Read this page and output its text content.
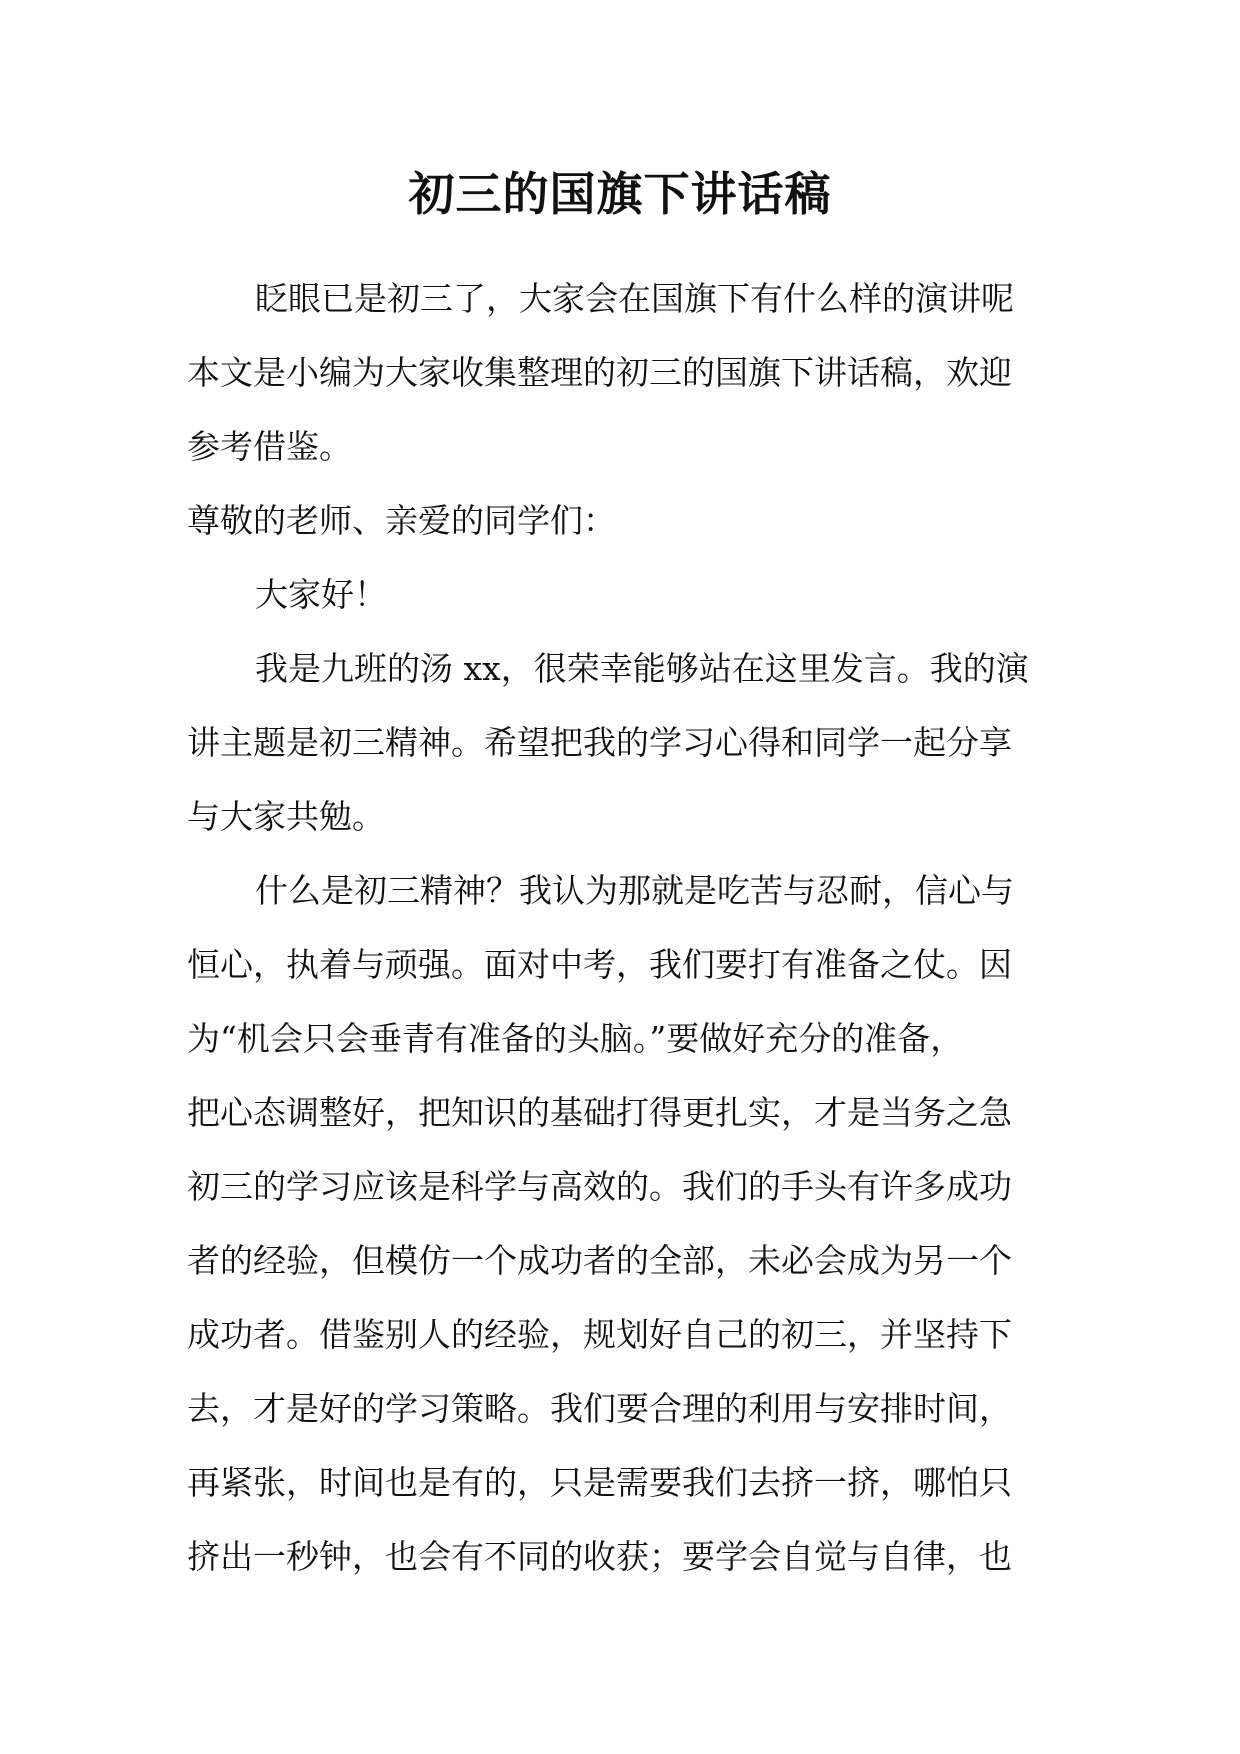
初三的国旗下讲话稿
眨眼已是初三了，大家会在国旗下有什么样的演讲呢
本文是小编为大家收集整理的初三的国旗下讲话稿，欢迎
参考借鉴。
尊敬的老师、亲爱的同学们：
大家好！
我是九班的汤 xx，很荣幸能够站在这里发言。我的演
讲主题是初三精神。希望把我的学习心得和同学一起分享
与大家共勉。
什么是初三精神？我认为那就是吃苦与忍耐，信心与
恒心，执着与顽强。面对中考，我们要打有准备之仗。因
为“机会只会垂青有准备的头脑。”要做好充分的准备，
把心态调整好，把知识的基础打得更扎实，才是当务之急
初三的学习应该是科学与高效的。我们的手头有许多成功
者的经验，但模仿一个成功者的全部，未必会成为另一个
成功者。借鉴别人的经验，规划好自己的初三，并坚持下
去，才是好的学习策略。我们要合理的利用与安排时间，
再紧张，时间也是有的，只是需要我们去挤一挤，哪怕只
挤出一秒钟，也会有不同的收获；要学会自觉与自律，也
